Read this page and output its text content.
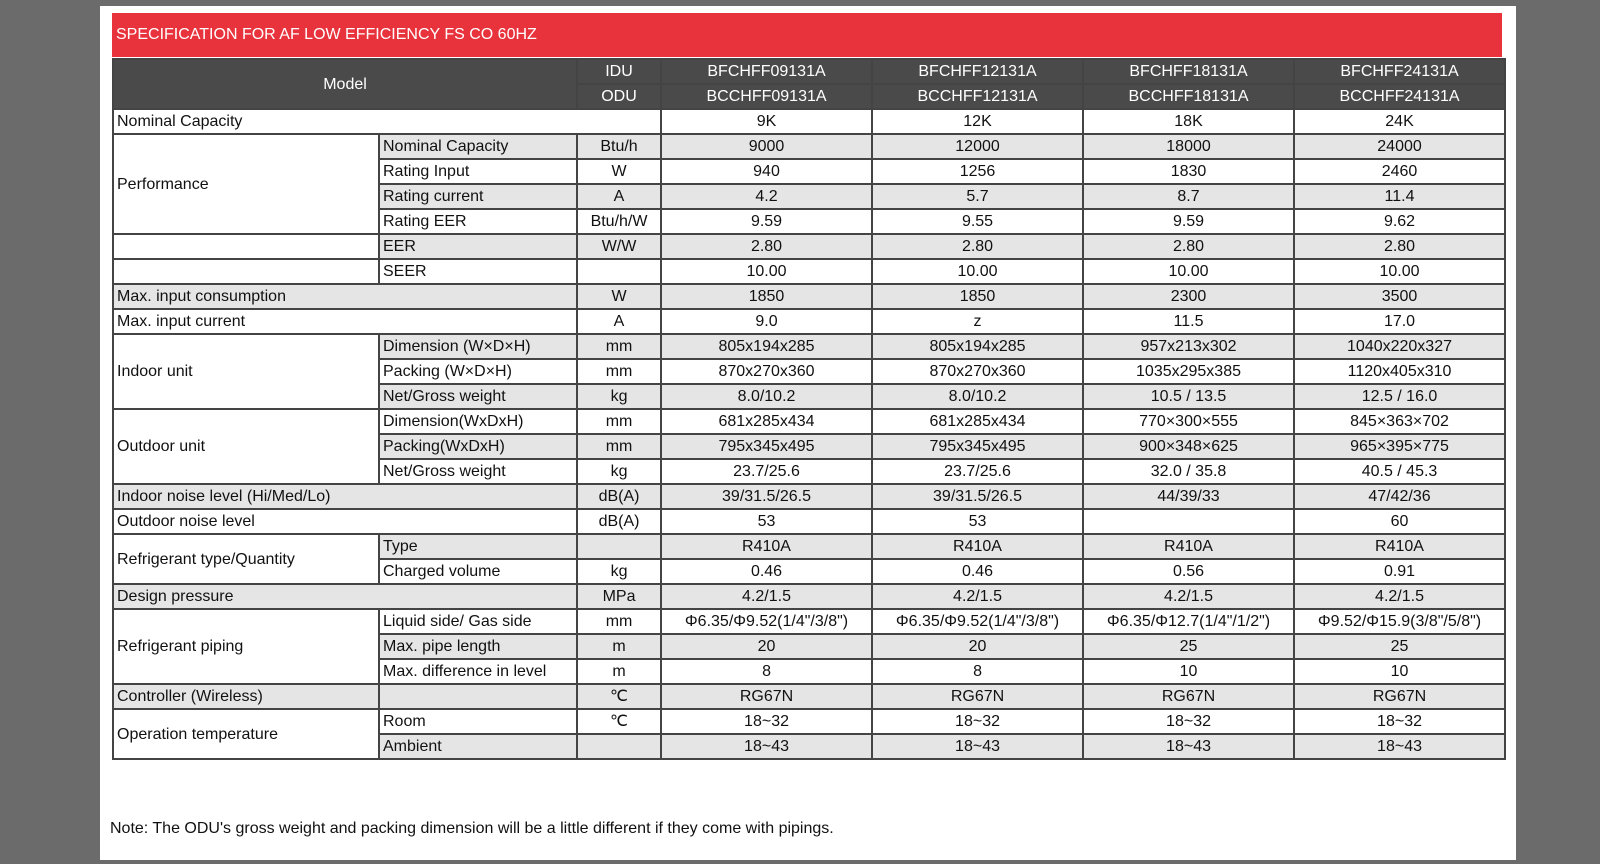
SPECIFICATION FOR AF LOW EFFICIENCY FS CO 60HZ
Model		IDU	BFCHFF09131A	BFCHFF12131A	BFCHFF18131A	BFCHFF24131A
		ODU	BCCHFF09131A	BCCHFF12131A	BCCHFF18131A	BCCHFF24131A
Nominal Capacity			9K	12K	18K	24K
Performance	Nominal Capacity	Btu/h	9000	12000	18000	24000
	Rating Input	W	940	1256	1830	2460
	Rating current	A	4.2	5.7	8.7	11.4
	Rating EER	Btu/h/W	9.59	9.55	9.59	9.62
	EER	W/W	2.80	2.80	2.80	2.80
	SEER		10.00	10.00	10.00	10.00
Max. input consumption		W	1850	1850	2300	3500
Max. input current		A	9.0	z	11.5	17.0
Indoor unit	Dimension (W×D×H)	mm	805x194x285	805x194x285	957x213x302	1040x220x327
	Packing (W×D×H)	mm	870x270x360	870x270x360	1035x295x385	1120x405x310
	Net/Gross weight	kg	8.0/10.2	8.0/10.2	10.5 / 13.5	12.5 / 16.0
Outdoor unit	Dimension(WxDxH)	mm	681x285x434	681x285x434	770×300×555	845×363×702
	Packing(WxDxH)	mm	795x345x495	795x345x495	900×348×625	965×395×775
	Net/Gross weight	kg	23.7/25.6	23.7/25.6	32.0 / 35.8	40.5 / 45.3
Indoor noise level (Hi/Med/Lo)		dB(A)	39/31.5/26.5	39/31.5/26.5	44/39/33	47/42/36
Outdoor noise level		dB(A)	53	53		60
Refrigerant type/Quantity	Type		R410A	R410A	R410A	R410A
	Charged volume	kg	0.46	0.46	0.56	0.91
Design pressure		MPa	4.2/1.5	4.2/1.5	4.2/1.5	4.2/1.5
Refrigerant piping	Liquid side/ Gas side	mm	Φ6.35/Φ9.52(1/4"/3/8")	Φ6.35/Φ9.52(1/4"/3/8")	Φ6.35/Φ12.7(1/4"/1/2")	Φ9.52/Φ15.9(3/8"/5/8")
	Max. pipe length	m	20	20	25	25
	Max. difference in level	m	8	8	10	10
Controller (Wireless)		℃	RG67N	RG67N	RG67N	RG67N
Operation temperature	Room	℃	18~32	18~32	18~32	18~32
	Ambient		18~43	18~43	18~43	18~43
Note: The ODU's gross weight and packing dimension will be a little different if they come with pipings.
